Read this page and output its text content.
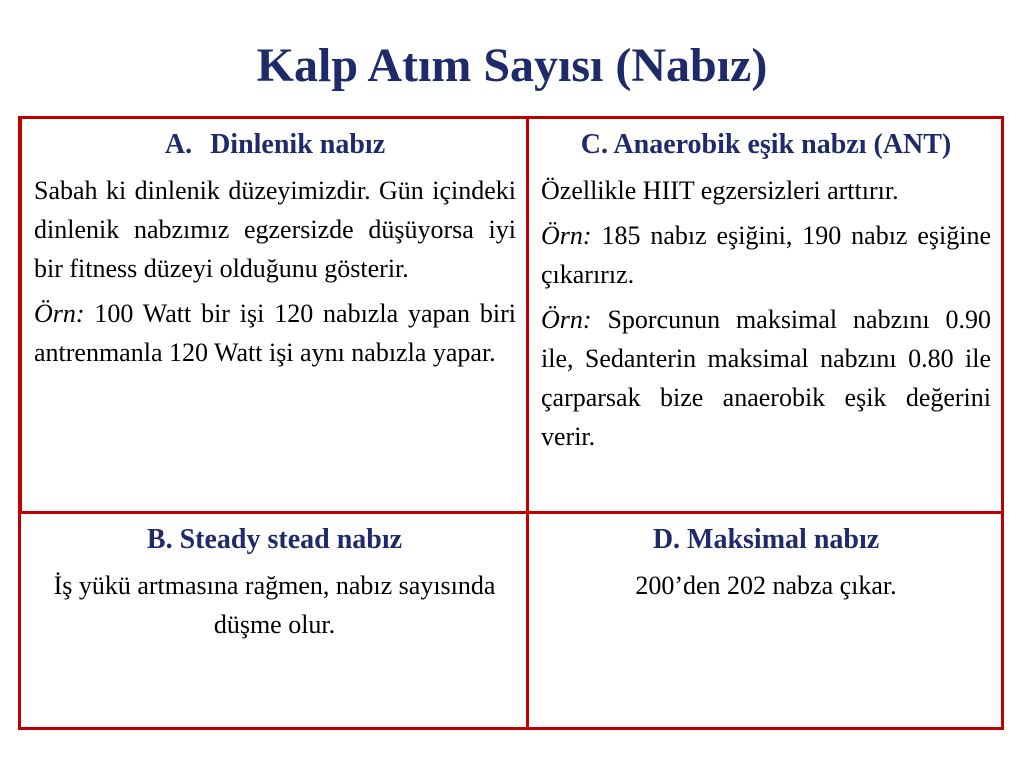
Kalp Atım Sayısı (Nabız)
A. Dinlenik nabız

Sabah ki dinlenik düzeyimizdir. Gün içindeki dinlenik nabzımız egzersizde düşüyorsa iyi bir fitness düzeyi olduğunu gösterir.

Örn: 100 Watt bir işi 120 nabızla yapan biri antrenmanla 120 Watt işi aynı nabızla yapar.

C. Anaerobik eşik nabzı (ANT)

Özellikle HIIT egzersizleri arttırır.

Örn: 185 nabız eşiğini, 190 nabız eşiğine çıkarırız.

Örn: Sporcunun maksimal nabzını 0.90 ile, Sedanterin maksimal nabzını 0.80 ile çarparsak bize anaerobik eşik değerini verir.

B. Steady stead nabız

İş yükü artmasına rağmen, nabız sayısında düşme olur.

D. Maksimal nabız

200’den 202 nabza çıkar.
